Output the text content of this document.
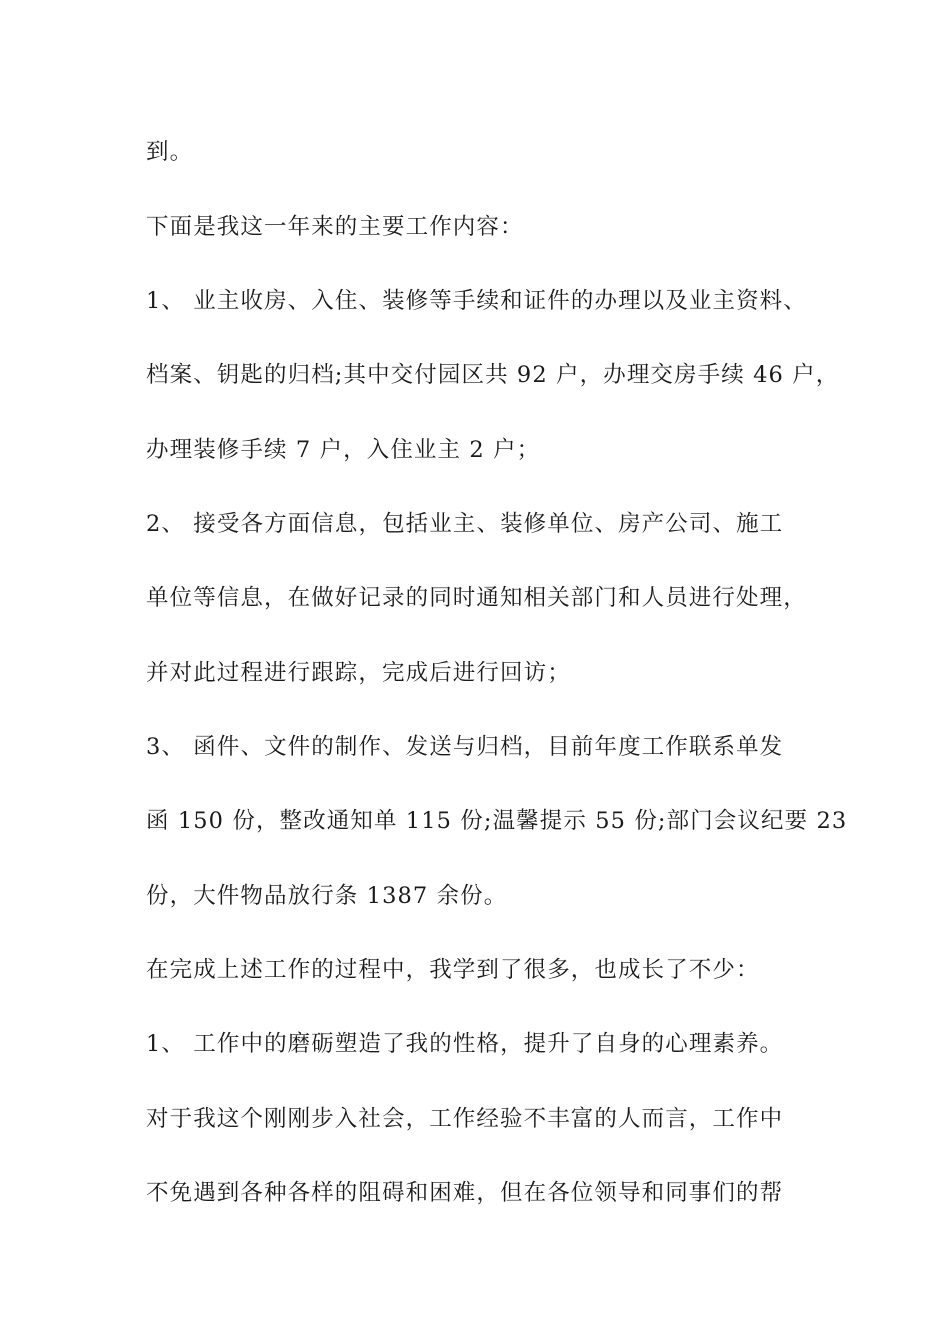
到。
下面是我这一年来的主要工作内容：
1、 业主收房、入住、装修等手续和证件的办理以及业主资料、
档案、钥匙的归档;其中交付园区共 92 户，办理交房手续 46 户，
办理装修手续 7 户，入住业主 2 户；
2、 接受各方面信息，包括业主、装修单位、房产公司、施工
单位等信息，在做好记录的同时通知相关部门和人员进行处理，
并对此过程进行跟踪，完成后进行回访；
3、 函件、文件的制作、发送与归档，目前年度工作联系单发
函 150 份，整改通知单 115 份;温馨提示 55 份;部门会议纪要 23
份，大件物品放行条 1387 余份。
在完成上述工作的过程中，我学到了很多，也成长了不少：
1、 工作中的磨砺塑造了我的性格，提升了自身的心理素养。
对于我这个刚刚步入社会，工作经验不丰富的人而言，工作中
不免遇到各种各样的阻碍和困难，但在各位领导和同事们的帮
